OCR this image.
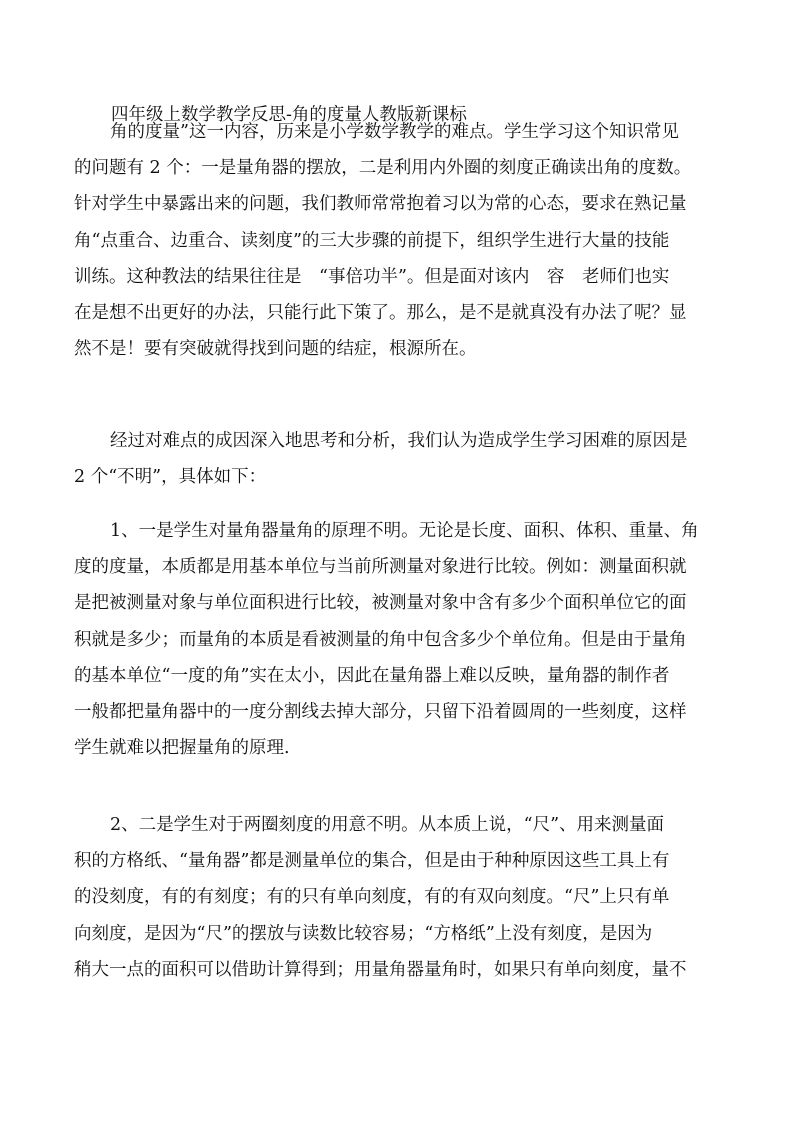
四年级上数学教学反思-角的度量人教版新课标
角的度量”这一内容，历来是小学数学教学的难点。学生学习这个知识常见
的问题有 2 个：一是量角器的摆放，二是利用内外圈的刻度正确读出角的度数。
针对学生中暴露出来的问题，我们教师常常抱着习以为常的心态，要求在熟记量
角“点重合、边重合、读刻度”的三大步骤的前提下，组织学生进行大量的技能
训练。这种教法的结果往往是　“事倍功半”。但是面对该内　容　老师们也实
在是想不出更好的办法，只能行此下策了。那么，是不是就真没有办法了呢？显
然不是！要有突破就得找到问题的结症，根源所在。
经过对难点的成因深入地思考和分析，我们认为造成学生学习困难的原因是
2 个“不明”，具体如下：
1、一是学生对量角器量角的原理不明。无论是长度、面积、体积、重量、角
度的度量，本质都是用基本单位与当前所测量对象进行比较。例如：测量面积就
是把被测量对象与单位面积进行比较，被测量对象中含有多少个面积单位它的面
积就是多少；而量角的本质是看被测量的角中包含多少个单位角。但是由于量角
的基本单位“一度的角”实在太小，因此在量角器上难以反映，量角器的制作者
一般都把量角器中的一度分割线去掉大部分，只留下沿着圆周的一些刻度，这样
学生就难以把握量角的原理.
2、二是学生对于两圈刻度的用意不明。从本质上说，“尺”、用来测量面
积的方格纸、“量角器”都是测量单位的集合，但是由于种种原因这些工具上有
的没刻度，有的有刻度；有的只有单向刻度，有的有双向刻度。“尺”上只有单
向刻度，是因为“尺”的摆放与读数比较容易；“方格纸”上没有刻度，是因为
稍大一点的面积可以借助计算得到；用量角器量角时，如果只有单向刻度，量不
